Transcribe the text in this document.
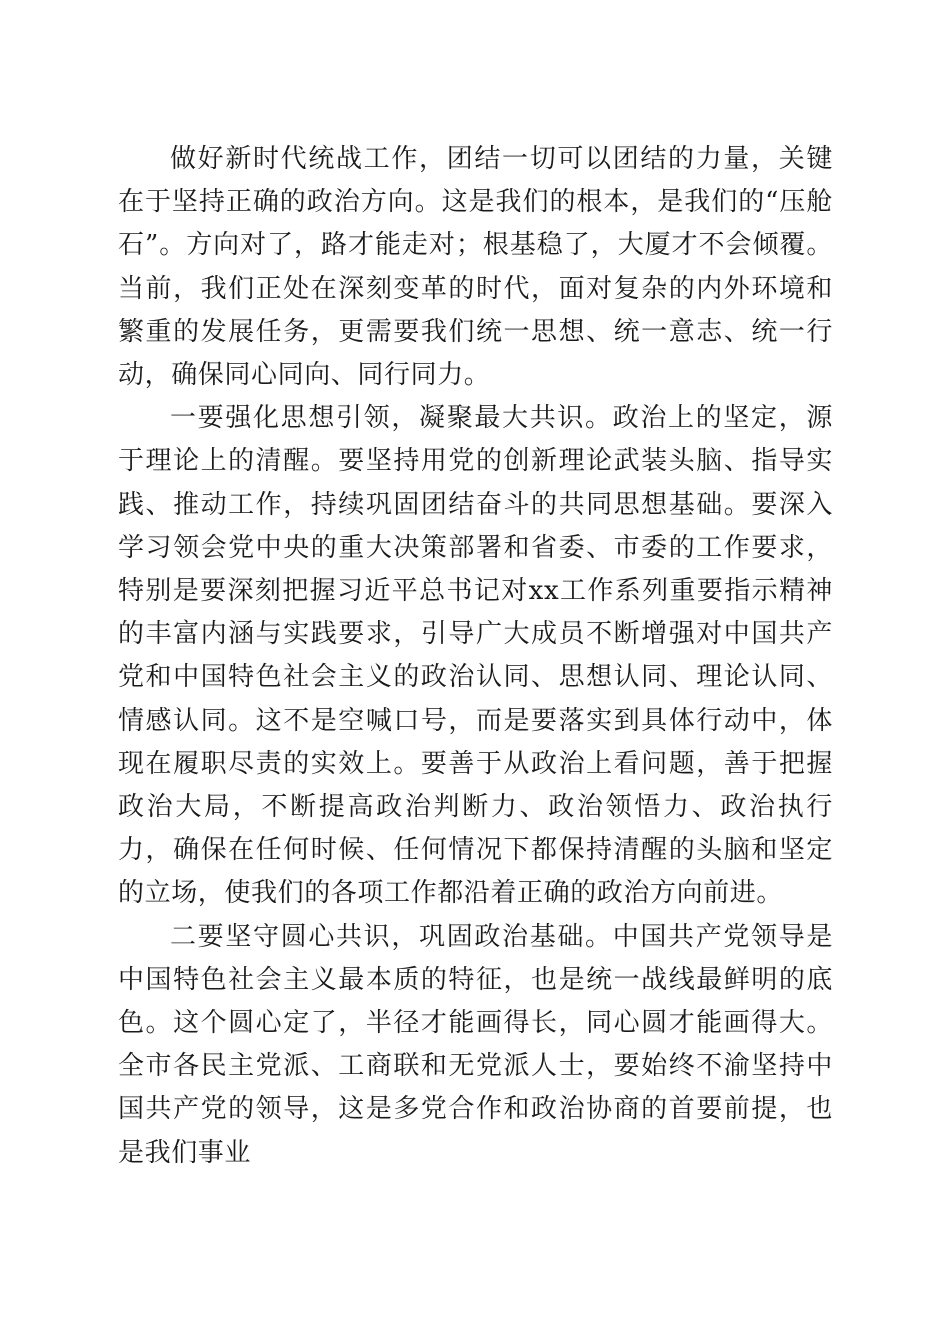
做好新时代统战工作，团结一切可以团结的力量，关键在于坚持正确的政治方向。这是我们的根本，是我们的“压舱石”。方向对了，路才能走对；根基稳了，大厦才不会倾覆。当前，我们正处在深刻变革的时代，面对复杂的内外环境和繁重的发展任务，更需要我们统一思想、统一意志、统一行动，确保同心同向、同行同力。

一要强化思想引领，凝聚最大共识。政治上的坚定，源于理论上的清醒。要坚持用党的创新理论武装头脑、指导实践、推动工作，持续巩固团结奋斗的共同思想基础。要深入学习领会党中央的重大决策部署和省委、市委的工作要求，特别是要深刻把握习近平总书记对xx工作系列重要指示精神的丰富内涵与实践要求，引导广大成员不断增强对中国共产党和中国特色社会主义的政治认同、思想认同、理论认同、情感认同。这不是空喊口号，而是要落实到具体行动中，体现在履职尽责的实效上。要善于从政治上看问题，善于把握政治大局，不断提高政治判断力、政治领悟力、政治执行力，确保在任何时候、任何情况下都保持清醒的头脑和坚定的立场，使我们的各项工作都沿着正确的政治方向前进。

二要坚守圆心共识，巩固政治基础。中国共产党领导是中国特色社会主义最本质的特征，也是统一战线最鲜明的底色。这个圆心定了，半径才能画得长，同心圆才能画得大。全市各民主党派、工商联和无党派人士，要始终不渝坚持中国共产党的领导，这是多党合作和政治协商的首要前提，也是我们事业
